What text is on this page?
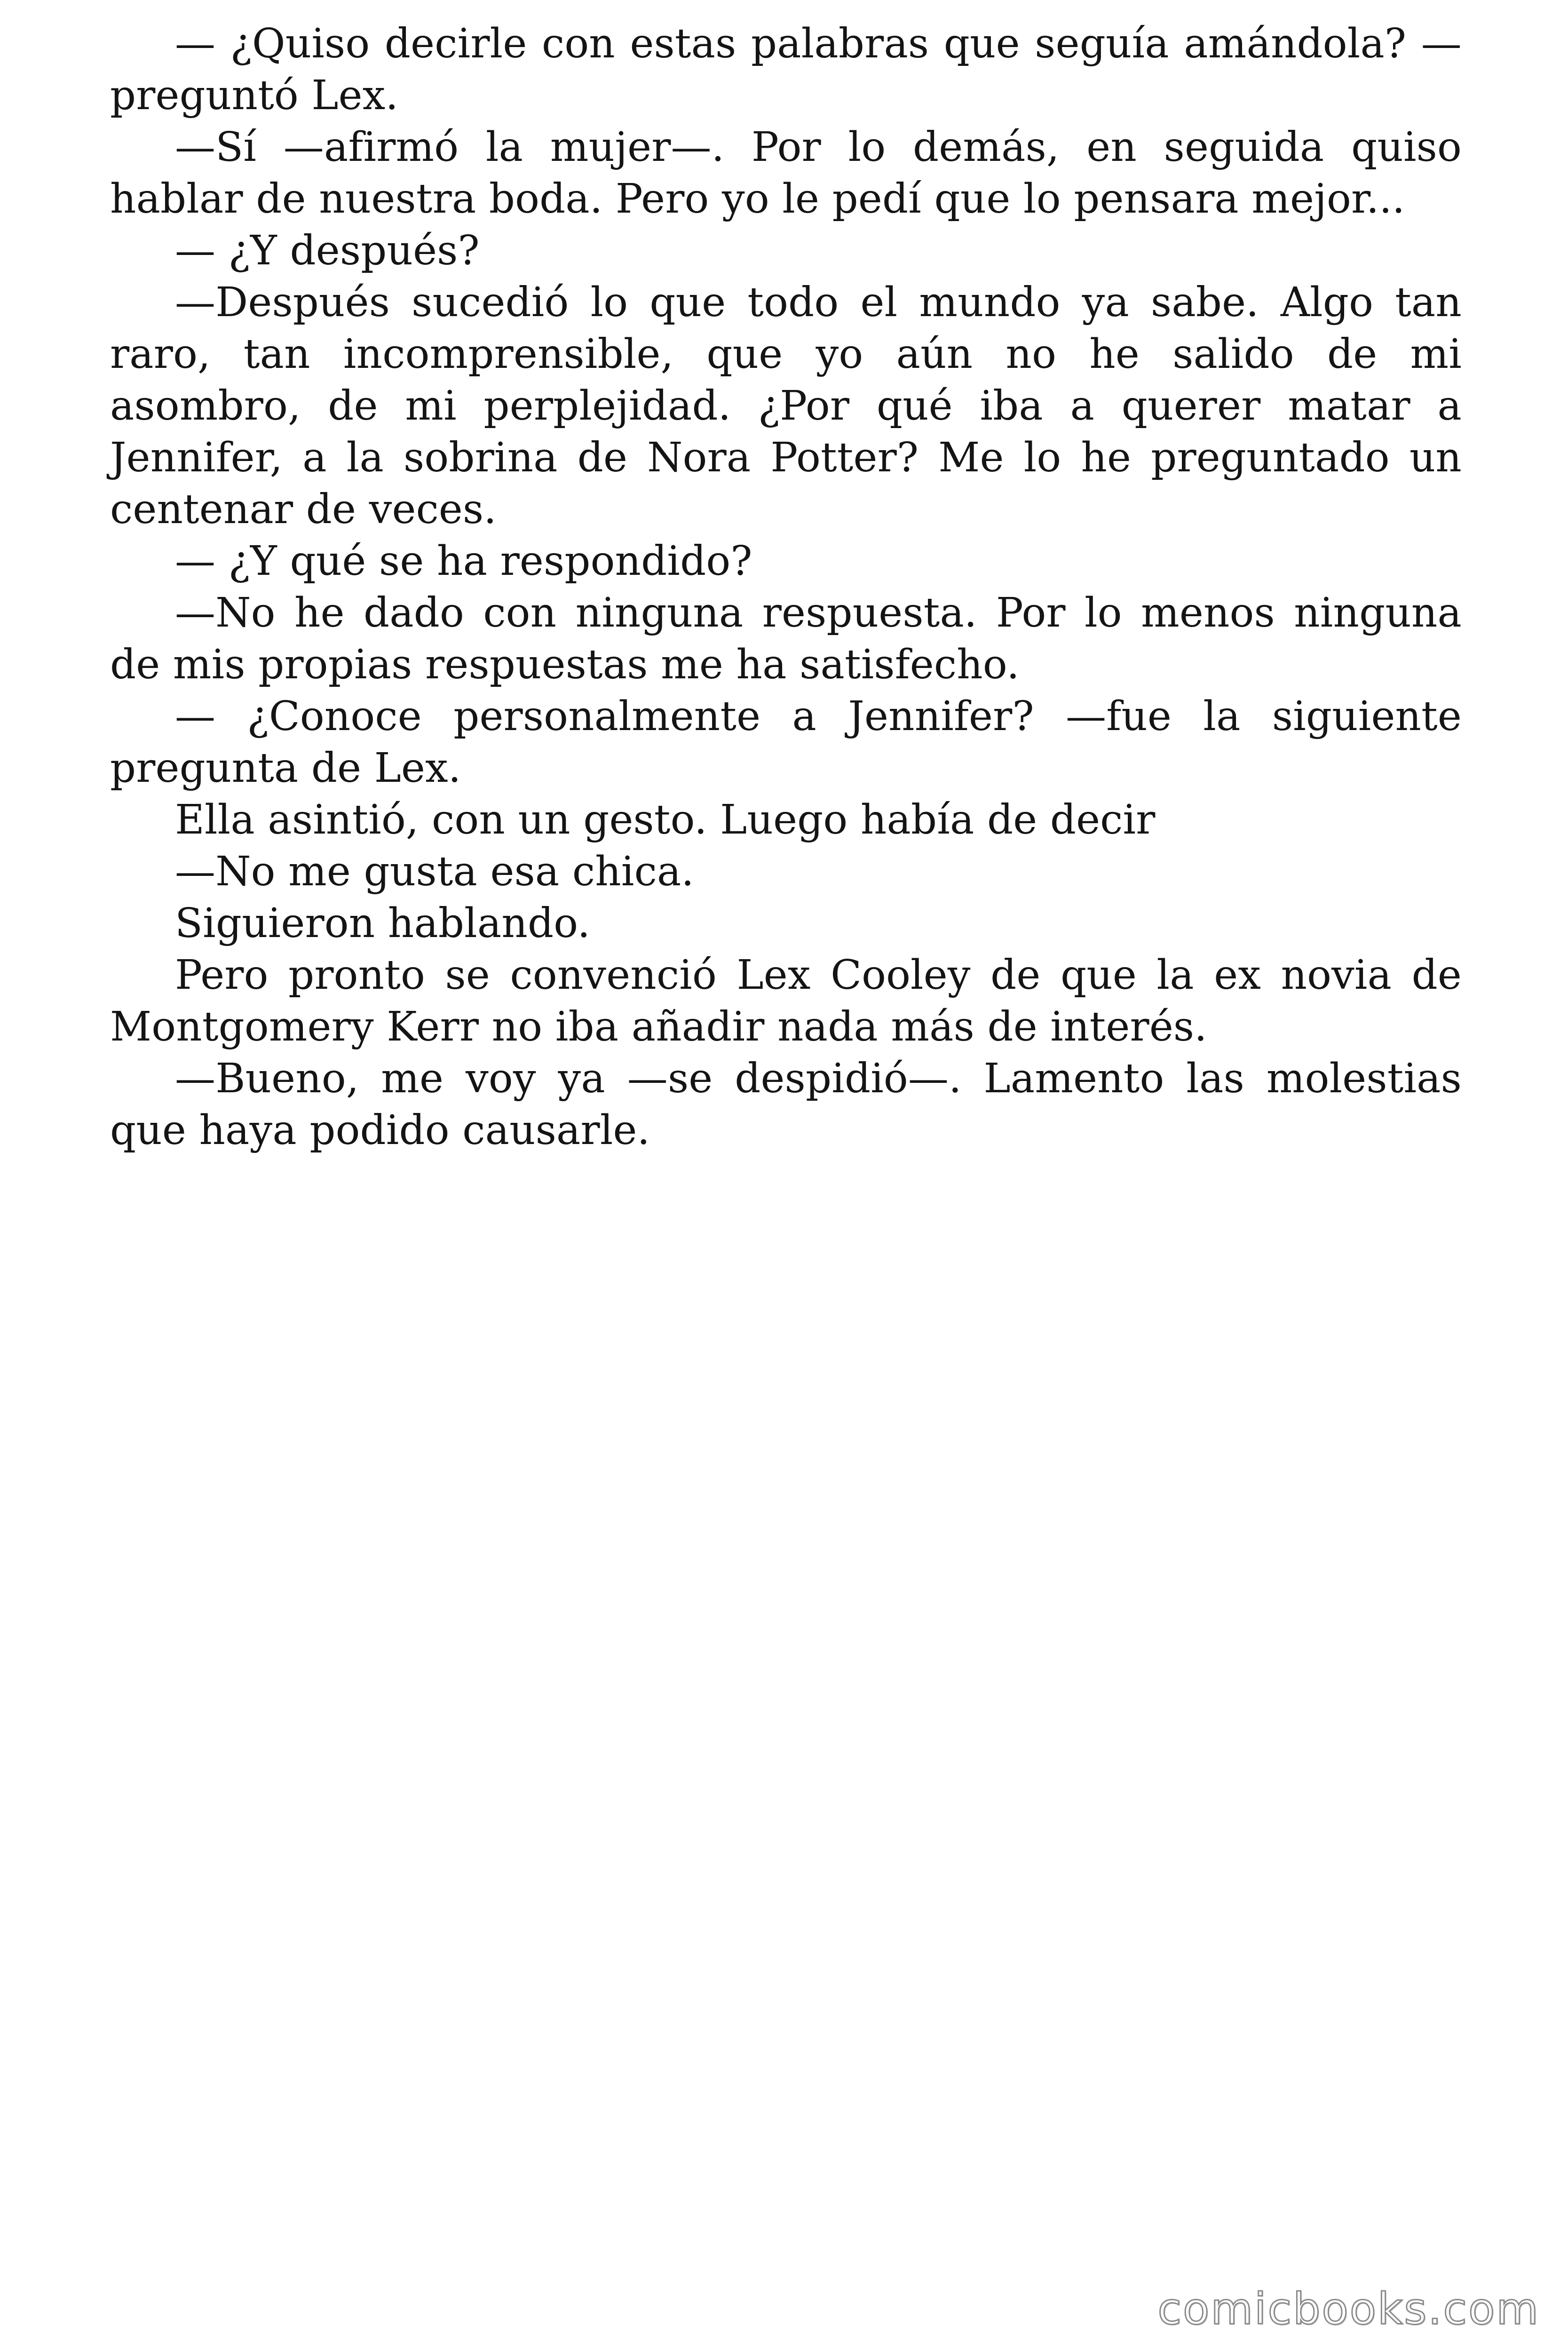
— ¿Quiso decirle con estas palabras que seguía amándola? —preguntó Lex.

—Sí —afirmó la mujer—. Por lo demás, en seguida quiso hablar de nuestra boda. Pero yo le pedí que lo pensara mejor...

— ¿Y después?

—Después sucedió lo que todo el mundo ya sabe. Algo tan raro, tan incomprensible, que yo aún no he salido de mi asombro, de mi perplejidad. ¿Por qué iba a querer matar a Jennifer, a la sobrina de Nora Potter? Me lo he preguntado un centenar de veces.

— ¿Y qué se ha respondido?

—No he dado con ninguna respuesta. Por lo menos ninguna de mis propias respuestas me ha satisfecho.

— ¿Conoce personalmente a Jennifer? —fue la siguiente pregunta de Lex.

Ella asintió, con un gesto. Luego había de decir

—No me gusta esa chica.

Siguieron hablando.

Pero pronto se convenció Lex Cooley de que la ex novia de Montgomery Kerr no iba añadir nada más de interés.

—Bueno, me voy ya —se despidió—. Lamento las molestias que haya podido causarle.

comicbooks.com
